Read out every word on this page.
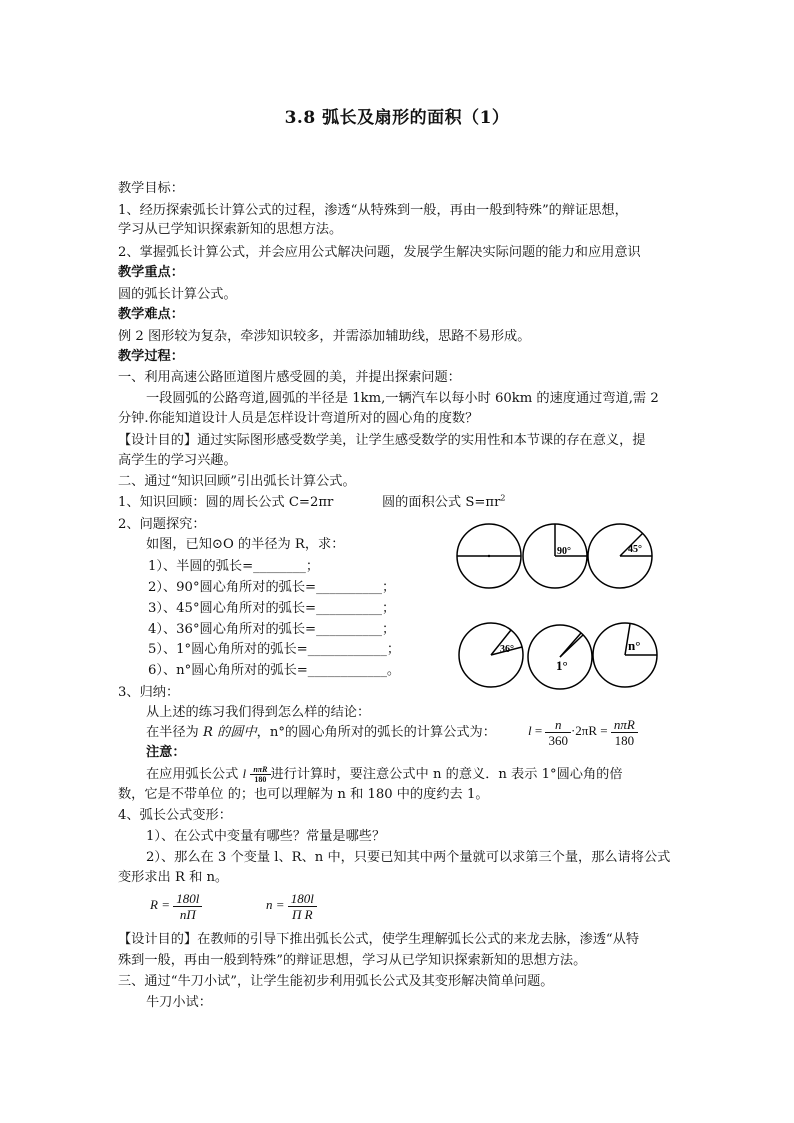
3.8 弧长及扇形的面积（1）
教学目标：
1、经历探索弧长计算公式的过程，渗透“从特殊到一般，再由一般到特殊”的辩证思想，
学习从已学知识探索新知的思想方法。
2、掌握弧长计算公式，并会应用公式解决问题，发展学生解决实际问题的能力和应用意识
教学重点：
圆的弧长计算公式。
教学难点：
例 2 图形较为复杂，牵涉知识较多，并需添加辅助线，思路不易形成。
教学过程：
一、利用高速公路匝道图片感受圆的美，并提出探索问题：
一段圆弧的公路弯道,圆弧的半径是 1km,一辆汽车以每小时 60km 的速度通过弯道,需 2
分钟.你能知道设计人员是怎样设计弯道所对的圆心角的度数？
【设计目的】通过实际图形感受数学美，让学生感受数学的实用性和本节课的存在意义，提
高学生的学习兴趣。
二、通过“知识回顾”引出弧长计算公式。
1、知识回顾：圆的周长公式 C=2πr	圆的面积公式 $S=\pi r^2$
2、问题探究：
如图，已知⊙O 的半径为 R，求：
1）、半圆的弧长=________；
2）、90°圆心角所对的弧长=__________；
3）、45°圆心角所对的弧长=__________；
4）、36°圆心角所对的弧长=__________；
5）、1°圆心角所对的弧长=____________；
6）、n°圆心角所对的弧长=____________。
90°	45°
36°
1°
n°
3、归纳：
从上述的练习我们得到怎么样的结论：
在半径为 R 的圆中，n°的圆心角所对的弧长的计算公式为： $l = \frac{n}{360} \cdot 2\pi R = \frac{\text{nπR}}{180}$
注意：
在应用弧长公式 l $\frac{\text{nπR}}{180}$ 进行计算时，要注意公式中 n 的意义．n 表示 1°圆心角的倍
数，它是不带单位 的；也可以理解为 n 和 180 中的度约去 1。
4、弧长公式变形：
1）、在公式中变量有哪些？常量是哪些？
2）、那么在 3 个变量 l、R、n 中，只要已知其中两个量就可以求第三个量，那么请将公式
变形求出 R 和 n。
$R = \frac{180l}{n\Pi}$	$n = \frac{180l}{\text{Π R}}$
【设计目的】在教师的引导下推出弧长公式，使学生理解弧长公式的来龙去脉，渗透“从特
殊到一般，再由一般到特殊”的辩证思想，学习从已学知识探索新知的思想方法。
三、通过“牛刀小试”，让学生能初步利用弧长公式及其变形解决简单问题。
牛刀小试：
